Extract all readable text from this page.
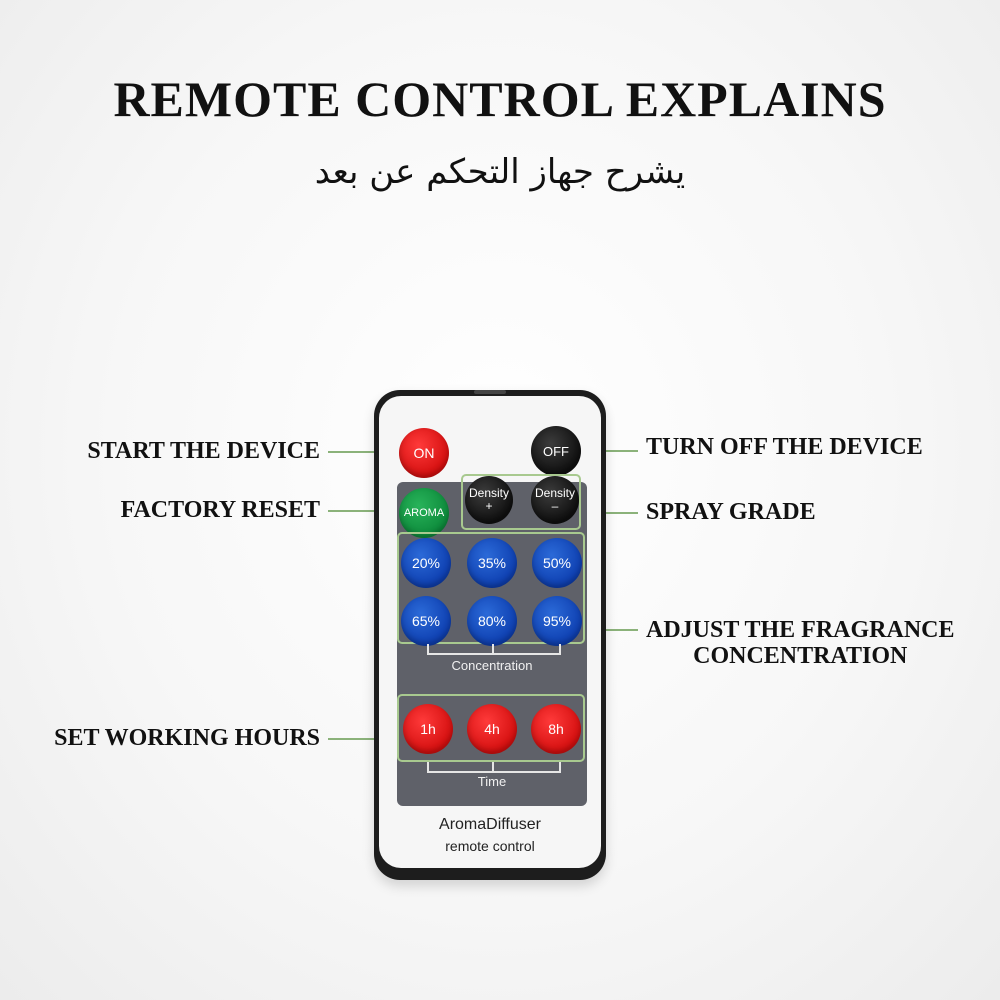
REMOTE CONTROL EXPLAINS

يشرح جهاز التحكم عن بعد

START THE DEVICE
FACTORY RESET
SET WORKING HOURS
TURN OFF THE DEVICE
SPRAY GRADE
ADJUST THE FRAGRANCE
CONCENTRATION
ON	OFF
AROMA
Density
+
Density
–
20%	35%	50%
65%	80%	95%
Concentration
1h	4h	8h
Time
AromaDiffuser
remote control
